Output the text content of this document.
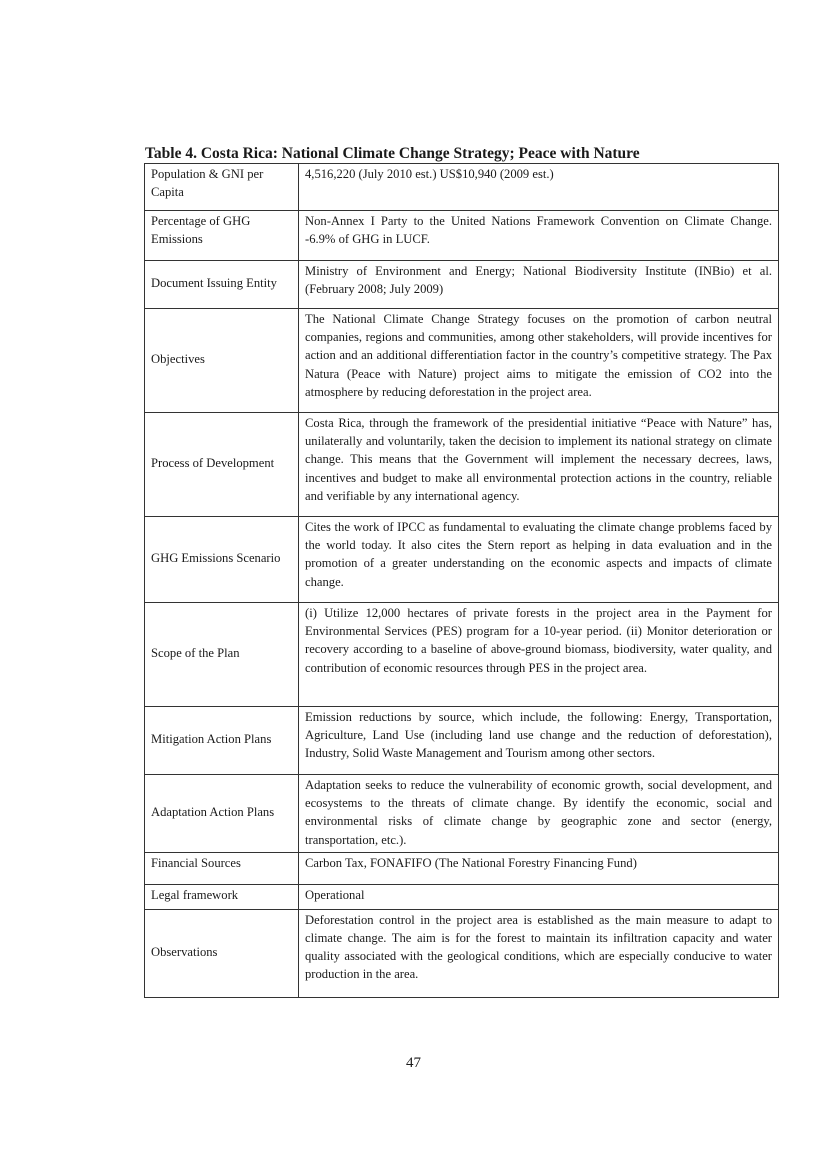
Table 4. Costa Rica: National Climate Change Strategy; Peace with Nature
Population & GNI per Capita	4,516,220 (July 2010 est.) US$10,940 (2009 est.)
Percentage of GHG Emissions	Non-Annex I Party to the United Nations Framework Convention on Climate Change. -6.9% of GHG in LUCF.
Document Issuing Entity	Ministry of Environment and Energy; National Biodiversity Institute (INBio) et al. (February 2008; July 2009)
Objectives	The National Climate Change Strategy focuses on the promotion of carbon neutral companies, regions and communities, among other stakeholders, will provide incentives for action and an additional differentiation factor in the country’s competitive strategy. The Pax Natura (Peace with Nature) project aims to mitigate the emission of CO2 into the atmosphere by reducing deforestation in the project area.
Process of Development	Costa Rica, through the framework of the presidential initiative “Peace with Nature” has, unilaterally and voluntarily, taken the decision to implement its national strategy on climate change. This means that the Government will implement the necessary decrees, laws, incentives and budget to make all environmental protection actions in the country, reliable and verifiable by any international agency.
GHG Emissions Scenario	Cites the work of IPCC as fundamental to evaluating the climate change problems faced by the world today. It also cites the Stern report as helping in data evaluation and in the promotion of a greater understanding on the economic aspects and impacts of climate change.
Scope of the Plan	(i) Utilize 12,000 hectares of private forests in the project area in the Payment for Environmental Services (PES) program for a 10-year period. (ii) Monitor deterioration or recovery according to a baseline of above-ground biomass, biodiversity, water quality, and contribution of economic resources through PES in the project area.
Mitigation Action Plans	Emission reductions by source, which include, the following: Energy, Transportation, Agriculture, Land Use (including land use change and the reduction of deforestation), Industry, Solid Waste Management and Tourism among other sectors.
Adaptation Action Plans	Adaptation seeks to reduce the vulnerability of economic growth, social development, and ecosystems to the threats of climate change. By identify the economic, social and environmental risks of climate change by geographic zone and sector (energy, transportation, etc.).
Financial Sources	Carbon Tax, FONAFIFO (The National Forestry Financing Fund)
Legal framework	Operational
Observations	Deforestation control in the project area is established as the main measure to adapt to climate change. The aim is for the forest to maintain its infiltration capacity and water quality associated with the geological conditions, which are especially conducive to water production in the area.
47
